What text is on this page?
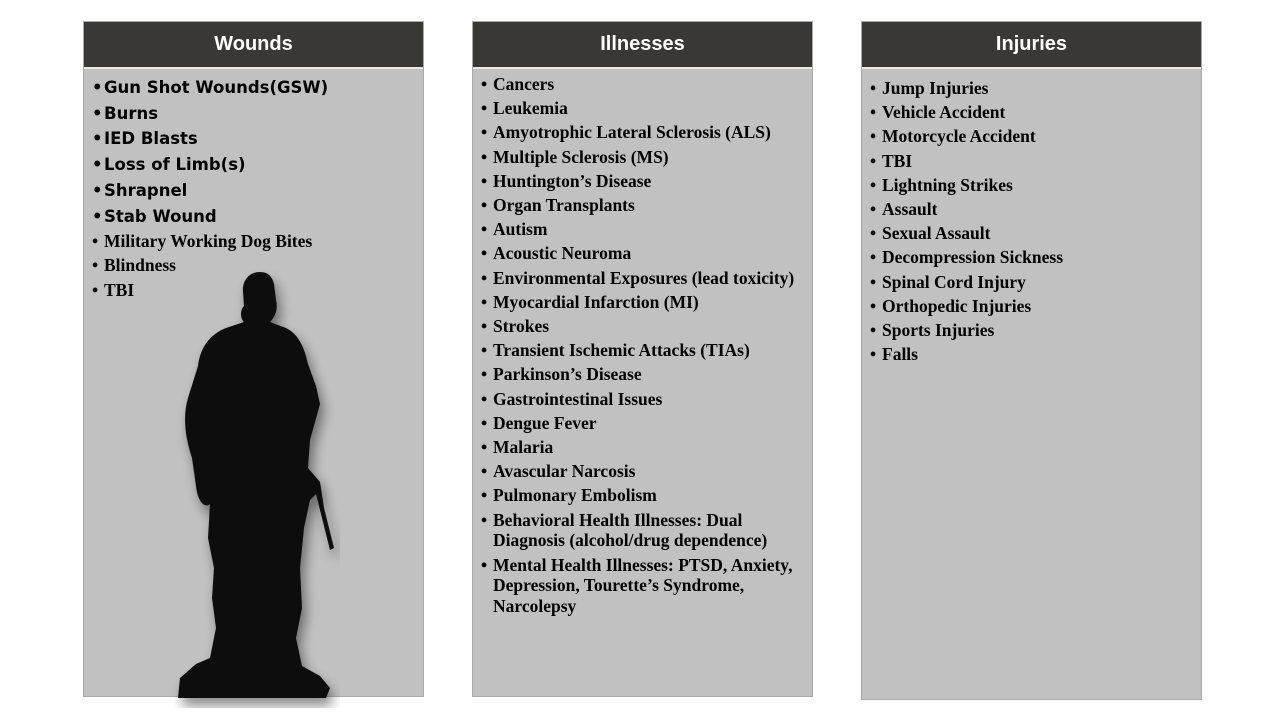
Wounds
• Gun Shot Wounds(GSW)
• Burns
• IED Blasts
• Loss of Limb(s)
• Shrapnel
• Stab Wound
• Military Working Dog Bites
• Blindness
• TBI
Illnesses
• Cancers
• Leukemia
• Amyotrophic Lateral Sclerosis (ALS)
• Multiple Sclerosis (MS)
• Huntington’s Disease
• Organ Transplants
• Autism
• Acoustic Neuroma
• Environmental Exposures (lead toxicity)
• Myocardial Infarction (MI)
• Strokes
• Transient Ischemic Attacks (TIAs)
• Parkinson’s Disease
• Gastrointestinal Issues
• Dengue Fever
• Malaria
• Avascular Narcosis
• Pulmonary Embolism
• Behavioral Health Illnesses: Dual Diagnosis (alcohol/drug dependence)
• Mental Health Illnesses: PTSD, Anxiety, Depression, Tourette’s Syndrome, Narcolepsy
Injuries
• Jump Injuries
• Vehicle Accident
• Motorcycle Accident
• TBI
• Lightning Strikes
• Assault
• Sexual Assault
• Decompression Sickness
• Spinal Cord Injury
• Orthopedic Injuries
• Sports Injuries
• Falls
